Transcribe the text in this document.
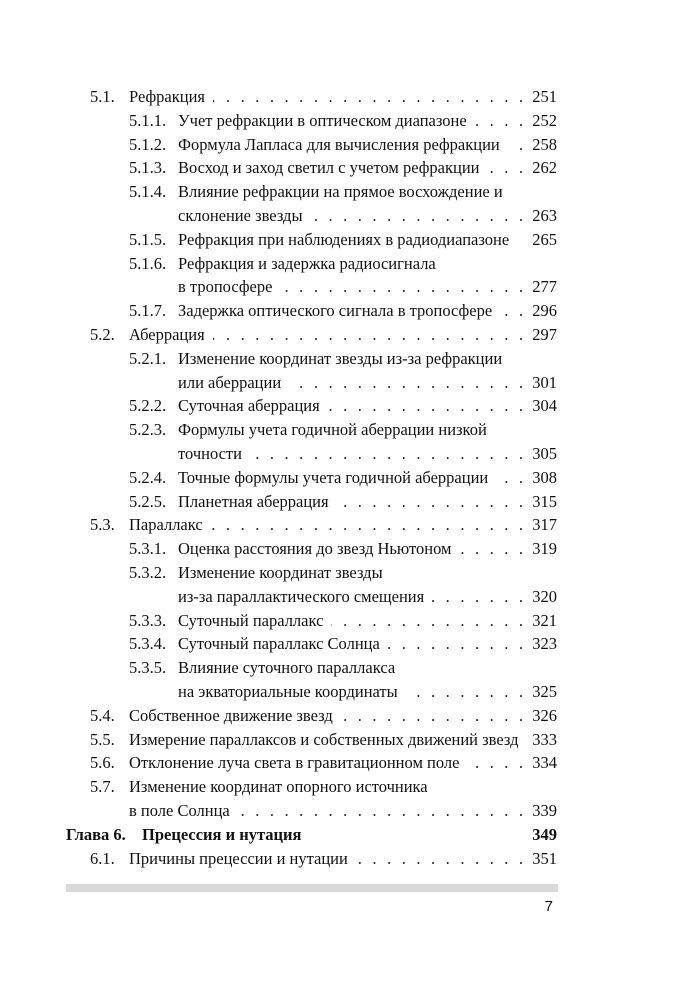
5.1. Рефракция	251
. . .
5.1.1. Учет рефракции в оптическом диапазоне	252
. . .
5.1.2. Формула Лапласа для вычисления рефракции 258
. . .
5.1.3. Восход и заход светил с учетом рефракции	262
. . .
5.1.4. Влияние рефракции на прямое восхождение и
склонение звезды	263
. . .
5.1.5. Рефракция при наблюдениях в радиодиапазоне 265
5.1.6. Рефракция и задержка радиосигнала
в тропосфере	277
. . .
5.1.7. Задержка оптического сигнала в тропосфере 296
. . .
5.2. Аберрация	297
. . .
5.2.1. Изменение координат звезды из-за рефракции
или аберрации	301
. . .
5.2.2. Суточная аберрация	304
. . .
5.2.3. Формулы учета годичной аберрации низкой
точности	305
. . .
5.2.4. Точные формулы учета годичной аберрации	308
. . .
5.2.5. Планетная аберрация	315
. . .
5.3. Параллакс	317
. . .
5.3.1. Оценка расстояния до звезд Ньютоном	319
. . .
5.3.2. Изменение координат звезды
из-за параллактического смещения	320
. . .
5.3.3. Суточный параллакс	321
. . .
5.3.4. Суточный параллакс Солнца	323
. . .
5.3.5. Влияние суточного параллакса
на экваториальные координаты	325
. . .
5.4. Собственное движение звезд	326
. . .
5.5. Измерение параллаксов и собственных движений звезд 333
5.6. Отклонение луча света в гравитационном поле	334
. . .
5.7. Изменение координат опорного источника
в поле Солнца	339
. . .
Глава 6. Прецессия и нутация	349
6.1. Причины прецессии и нутации	351
. . .
7
